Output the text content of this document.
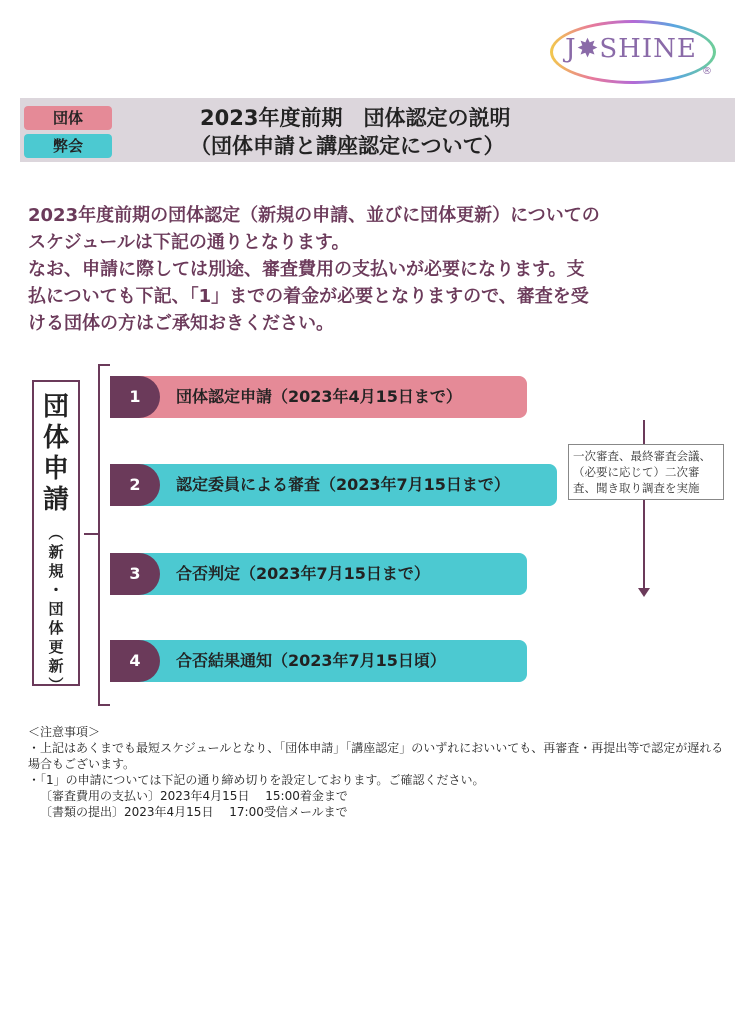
J✸SHINE
®
団体
弊会
2023年度前期　団体認定の説明
（団体申請と講座認定について）
2023年度前期の団体認定（新規の申請、並びに団体更新）についての
スケジュールは下記の通りとなります。
なお、申請に際しては別途、審査費用の支払いが必要になります。支
払についても下記、「1」までの着金が必要となりますので、審査を受
ける団体の方はご承知おきください。
団
体
申
請
︵
新
規
・
団
体
更
新
︶
1	団体認定申請（2023年4月15日まで）
2	認定委員による審査（2023年7月15日まで）
3	合否判定（2023年7月15日まで）
4	合否結果通知（2023年7月15日頃）
一次審査、最終審査会議、（必要に応じて）二次審査、聞き取り調査を実施
＜注意事項＞
・上記はあくまでも最短スケジュールとなり、「団体申請」「講座認定」のいずれにおいいても、再審査・再提出等で認定が遅れる場合もございます。
・「1」の申請については下記の通り締め切りを設定しております。ご確認ください。
〔審査費用の支払い〕2023年4月15日　 15:00着金まで
〔書類の提出〕2023年4月15日　 17:00受信メールまで
